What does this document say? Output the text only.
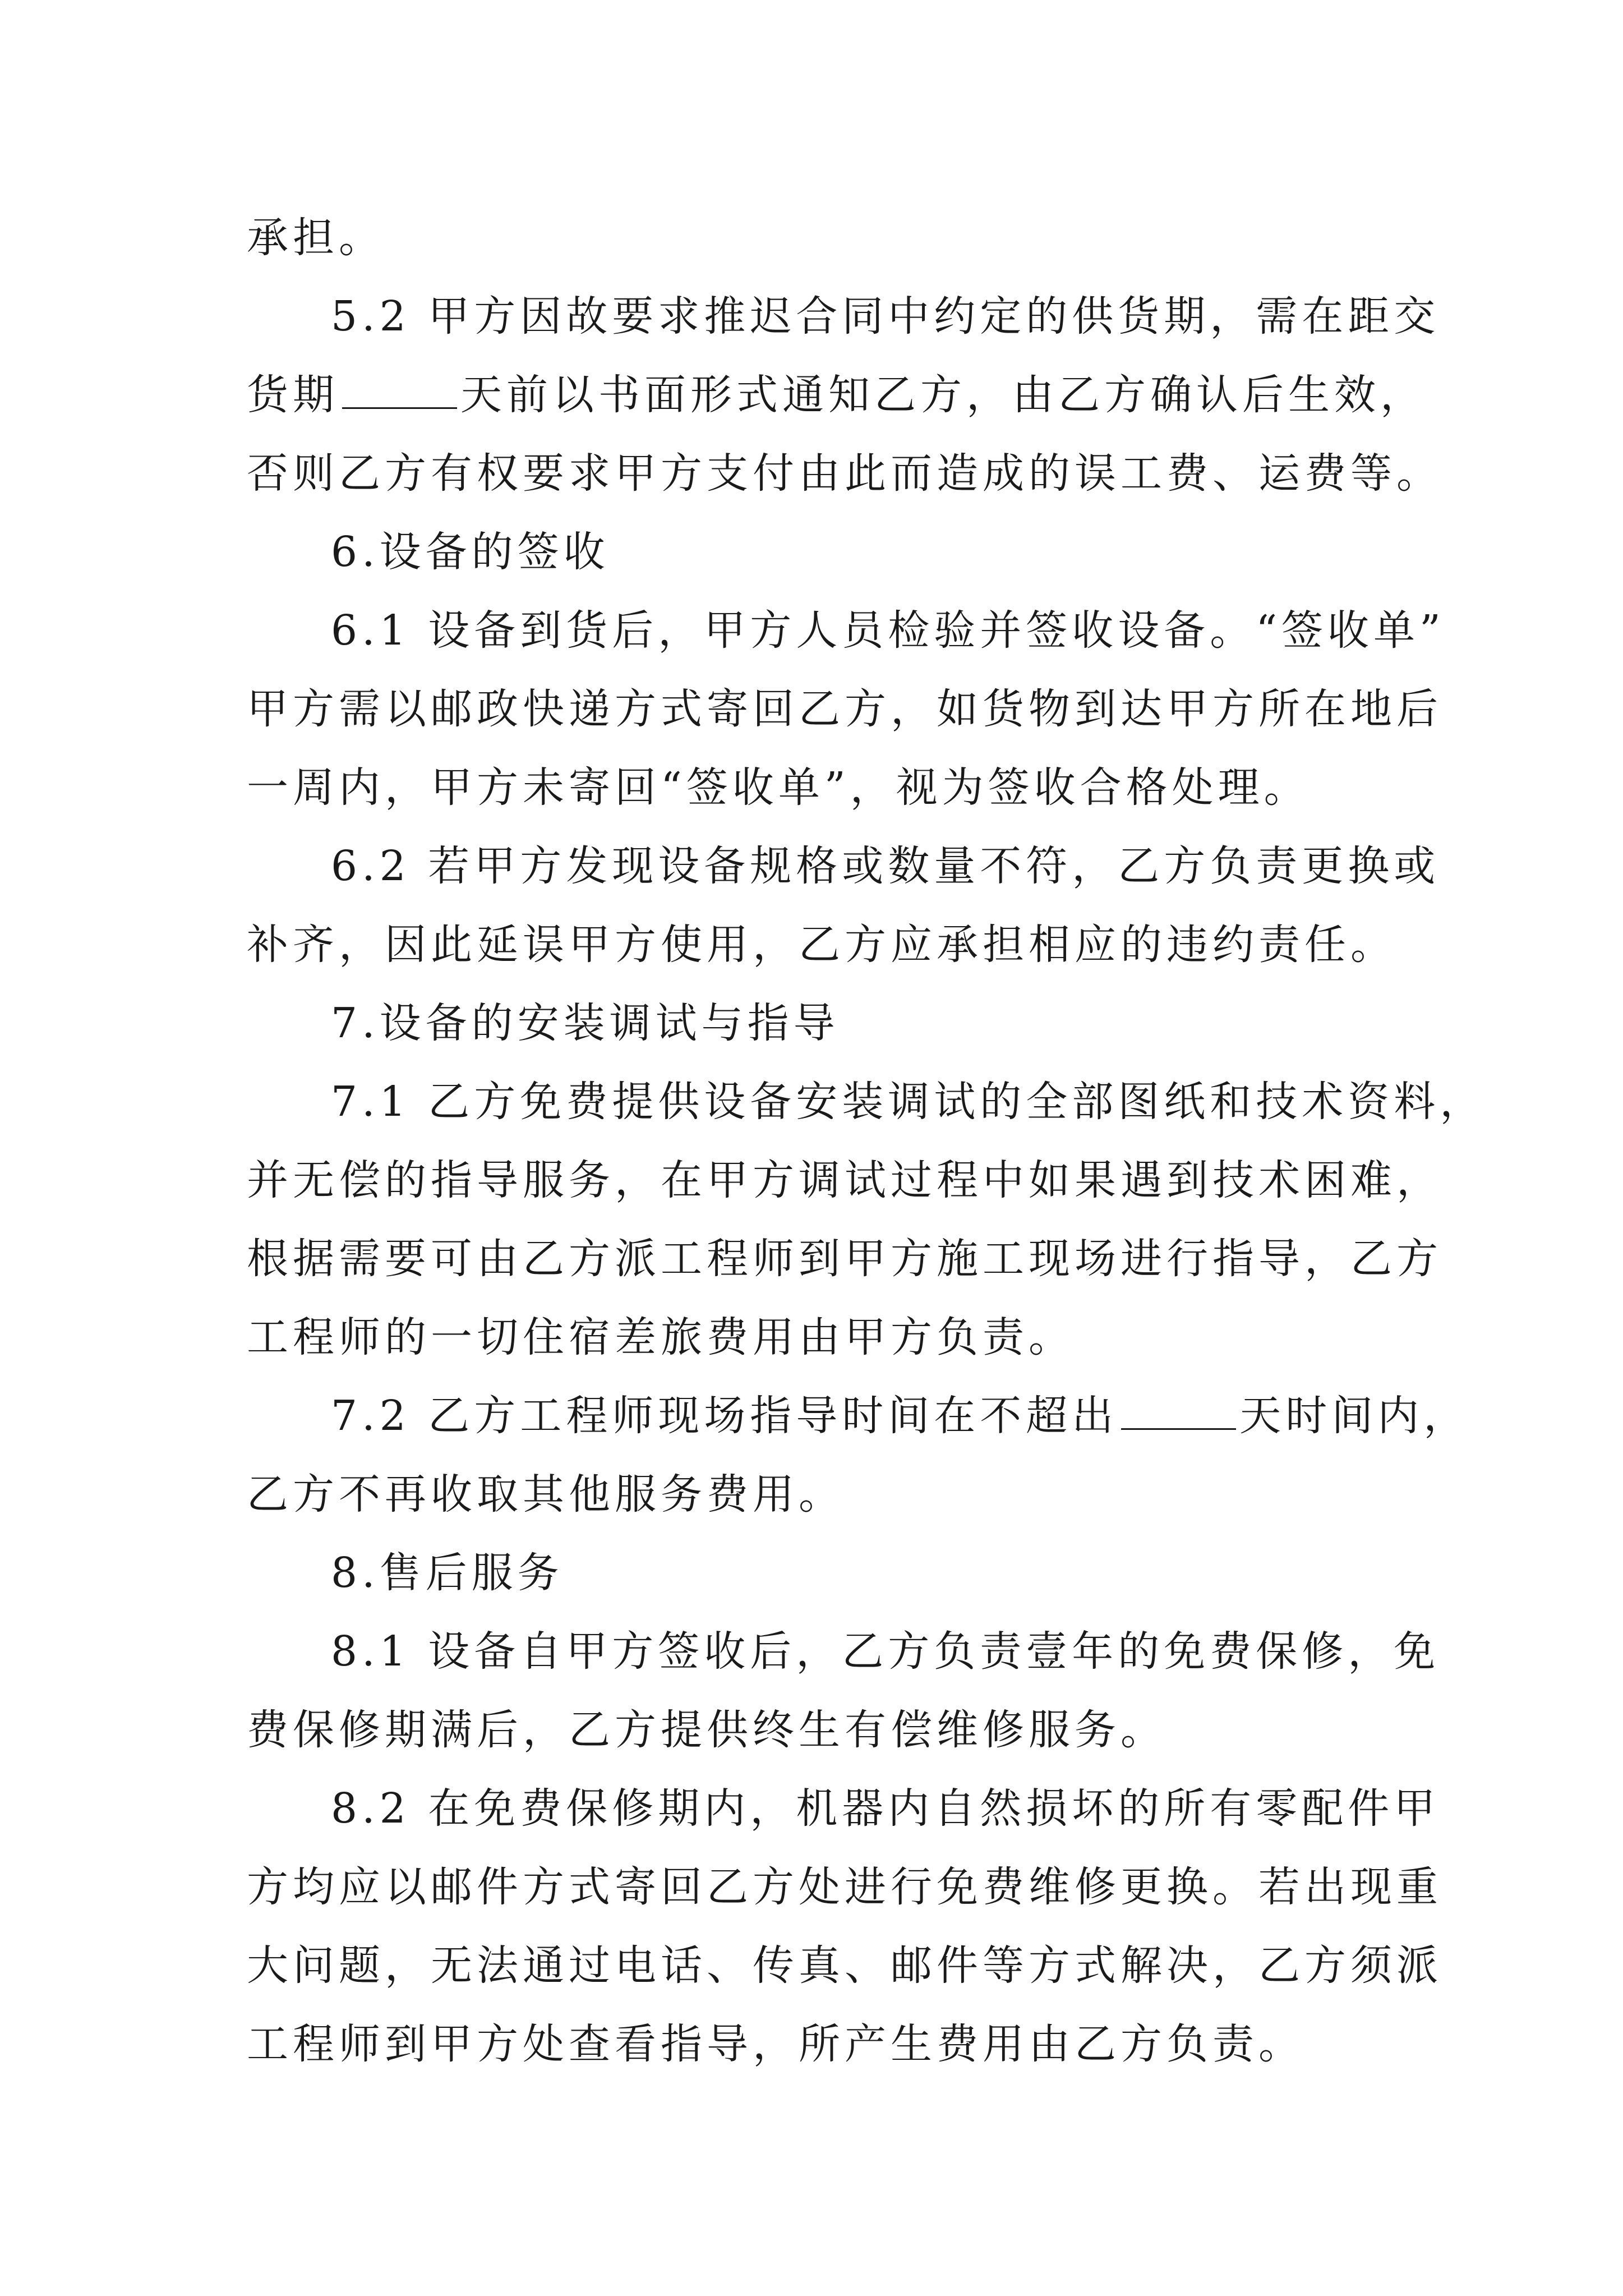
承担。
5.2 甲方因故要求推迟合同中约定的供货期，需在距交
货期	天前以书面形式通知乙方，由乙方确认后生效，
否则乙方有权要求甲方支付由此而造成的误工费、运费等。
6.设备的签收
6.1 设备到货后，甲方人员检验并签收设备。“签收单”
甲方需以邮政快递方式寄回乙方，如货物到达甲方所在地后
一周内，甲方未寄回“签收单”，视为签收合格处理。
6.2 若甲方发现设备规格或数量不符，乙方负责更换或
补齐，因此延误甲方使用，乙方应承担相应的违约责任。
7.设备的安装调试与指导
7.1 乙方免费提供设备安装调试的全部图纸和技术资料，
并无偿的指导服务，在甲方调试过程中如果遇到技术困难，
根据需要可由乙方派工程师到甲方施工现场进行指导，乙方
工程师的一切住宿差旅费用由甲方负责。
7.2 乙方工程师现场指导时间在不超出	天时间内，
乙方不再收取其他服务费用。
8.售后服务
8.1 设备自甲方签收后，乙方负责壹年的免费保修，免
费保修期满后，乙方提供终生有偿维修服务。
8.2 在免费保修期内，机器内自然损坏的所有零配件甲
方均应以邮件方式寄回乙方处进行免费维修更换。若出现重
大问题，无法通过电话、传真、邮件等方式解决，乙方须派
工程师到甲方处查看指导，所产生费用由乙方负责。
